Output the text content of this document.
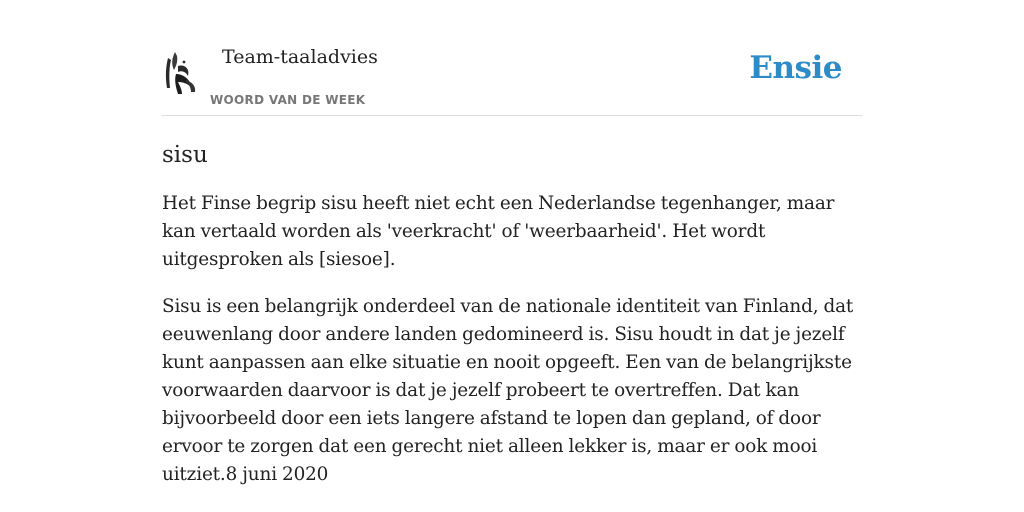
Team-taaladvies
WOORD VAN DE WEEK
Ensie
sisu

Het Finse begrip sisu heeft niet echt een Nederlandse tegenhanger, maar kan vertaald worden als 'veerkracht' of 'weerbaarheid'. Het wordt uitgesproken als [siesoe].

Sisu is een belangrijk onderdeel van de nationale identiteit van Finland, dat eeuwenlang door andere landen gedomineerd is. Sisu houdt in dat je jezelf kunt aanpassen aan elke situatie en nooit opgeeft. Een van de belangrijkste voorwaarden daarvoor is dat je jezelf probeert te overtreffen. Dat kan bijvoorbeeld door een iets langere afstand te lopen dan gepland, of door ervoor te zorgen dat een gerecht niet alleen lekker is, maar er ook mooi uitziet.8 juni 2020
